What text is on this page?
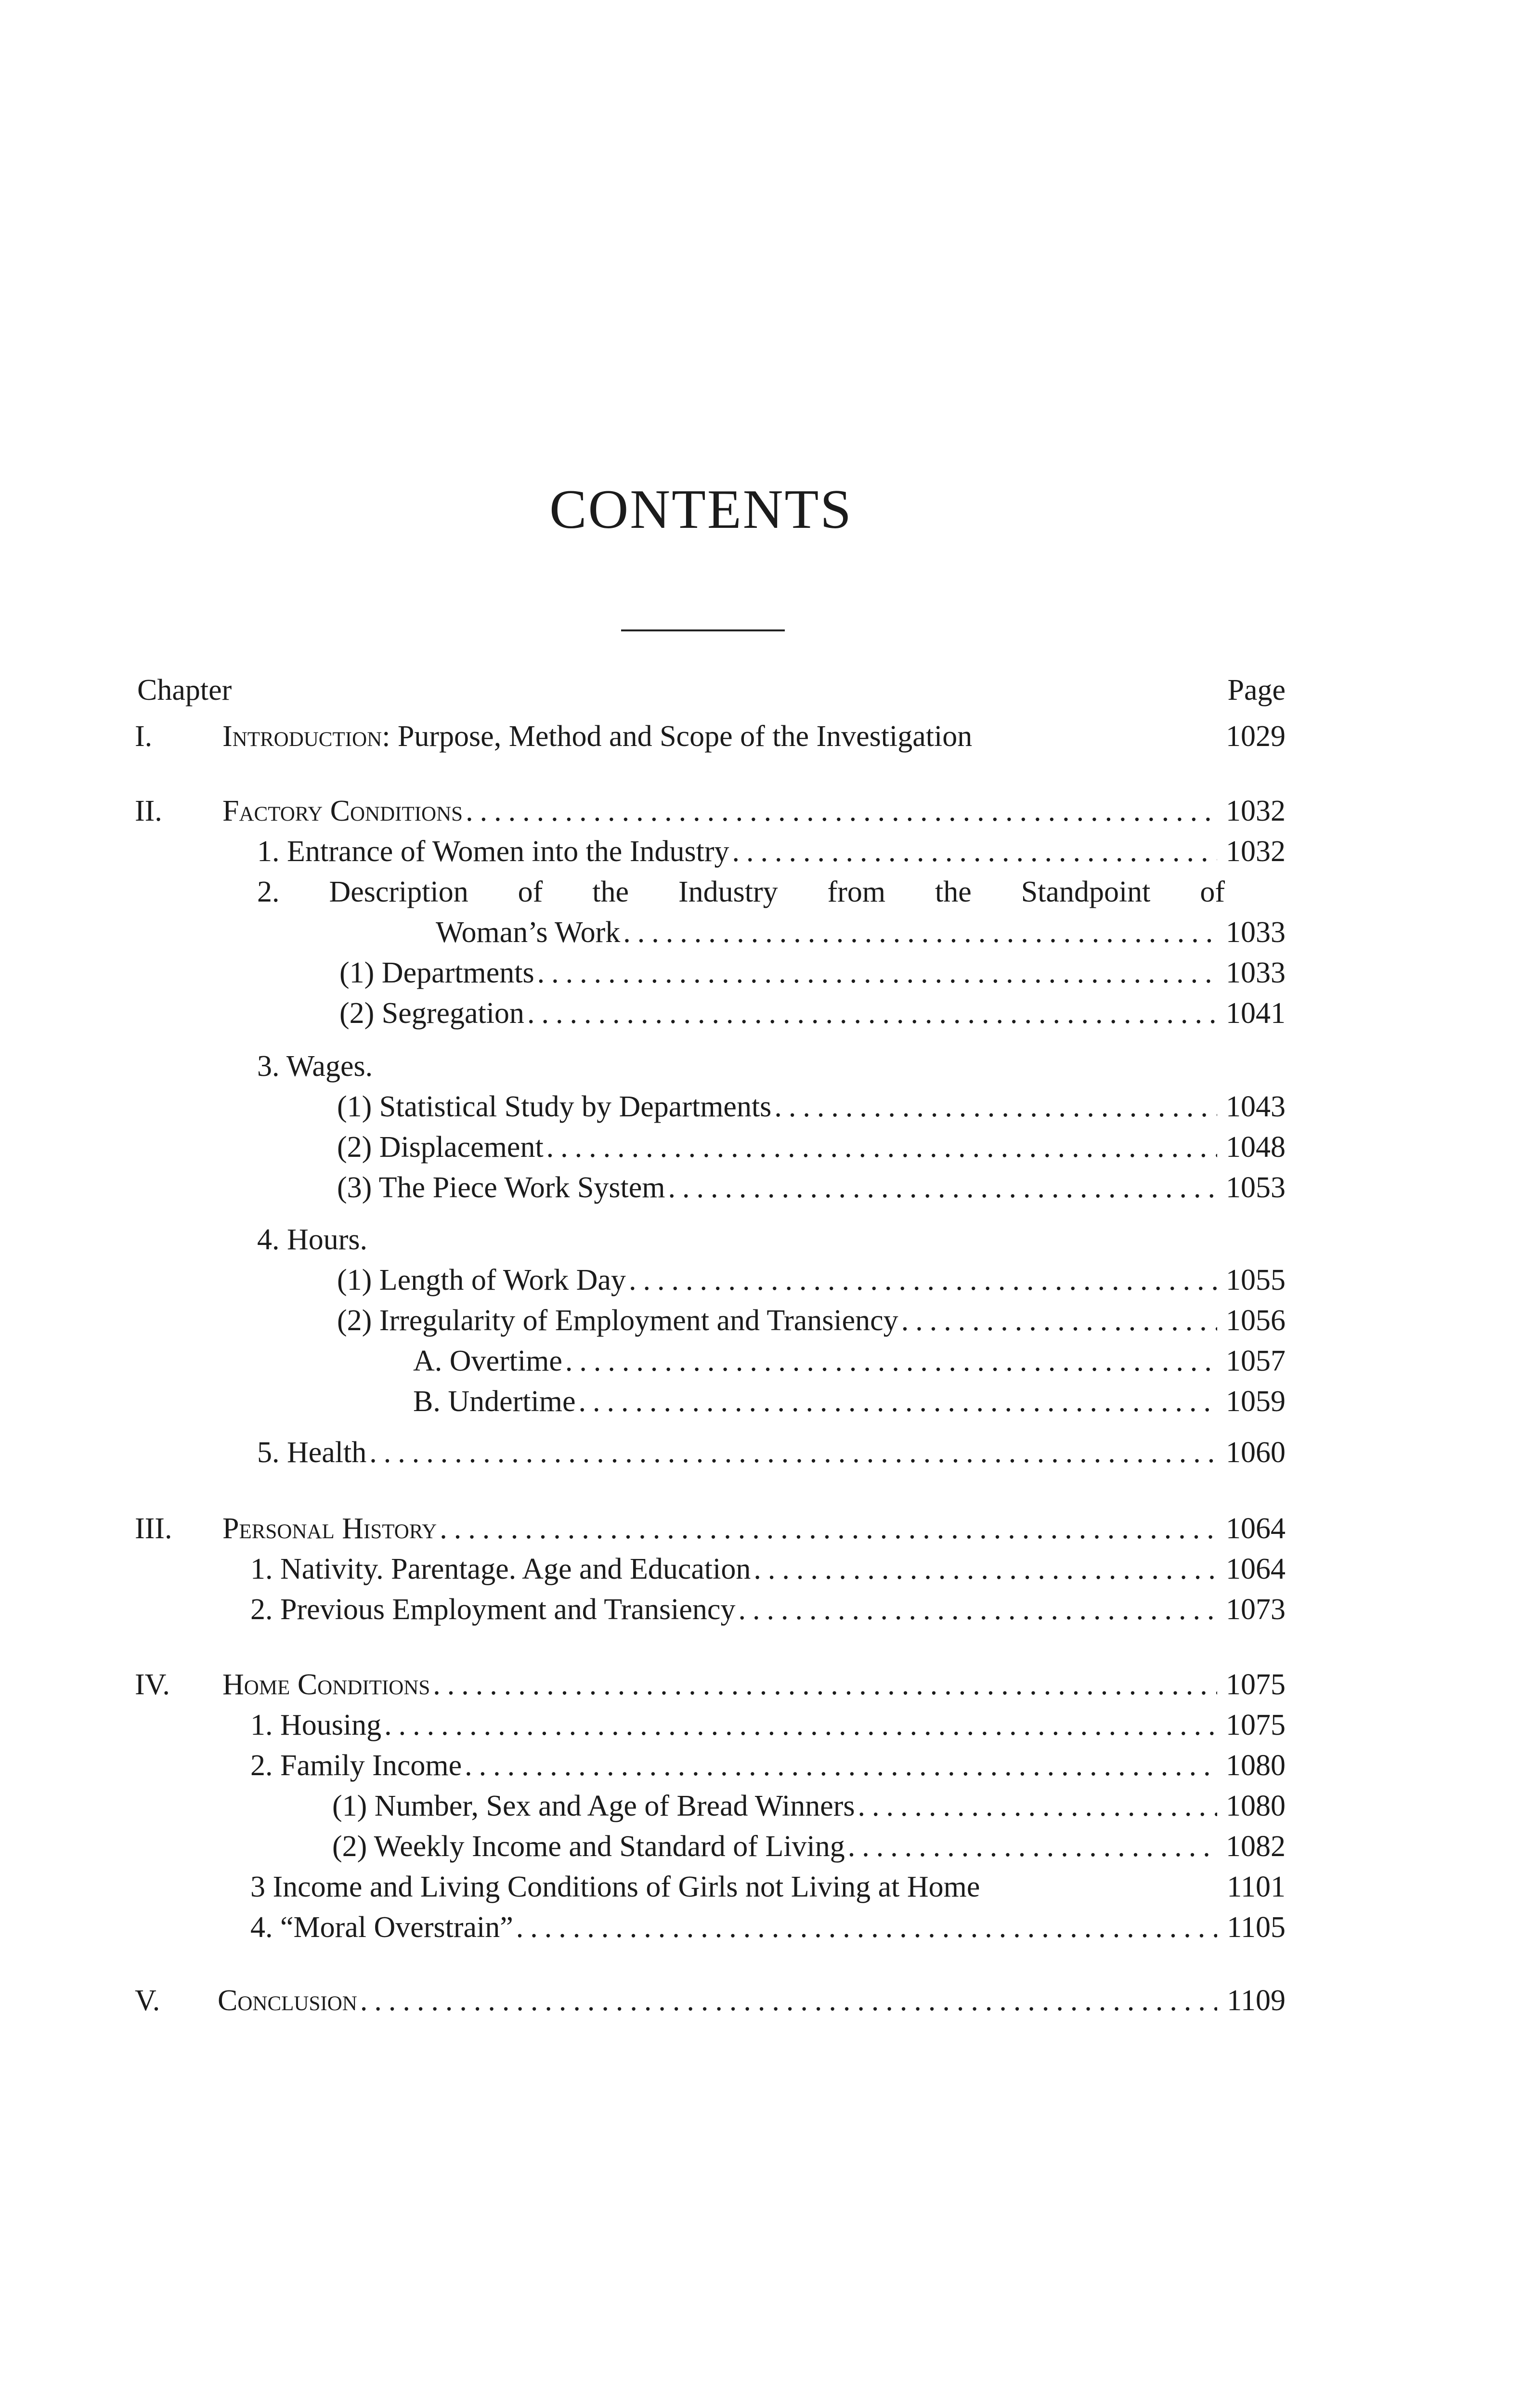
CONTENTS
Chapter	Page
I.	Introduction: Purpose, Method and Scope of the Investigation	1029
II.	Factory Conditions .....	1032
1. Entrance of Women into the Industry .....	1032
2. Description of the Industry from the Standpoint of
Woman’s Work .....	1033
(1) Departments .....	1033
(2) Segregation .....	1041
3. Wages.
(1) Statistical Study by Departments .....	1043
(2) Displacement .....	1048
(3) The Piece Work System .....	1053
4. Hours.
(1) Length of Work Day .....	1055
(2) Irregularity of Employment and Transiency .....	1056
A. Overtime .....	1057
B. Undertime .....	1059
5. Health .....	1060
III.	Personal History .....	1064
1. Nativity. Parentage. Age and Education .....	1064
2. Previous Employment and Transiency .....	1073
IV.	Home Conditions .....	1075
1. Housing .....	1075
2. Family Income .....	1080
(1) Number, Sex and Age of Bread Winners .....	1080
(2) Weekly Income and Standard of Living .....	1082
3 Income and Living Conditions of Girls not Living at Home	1101
4. “Moral Overstrain” .....	1105
V.	Conclusion .....	1109
